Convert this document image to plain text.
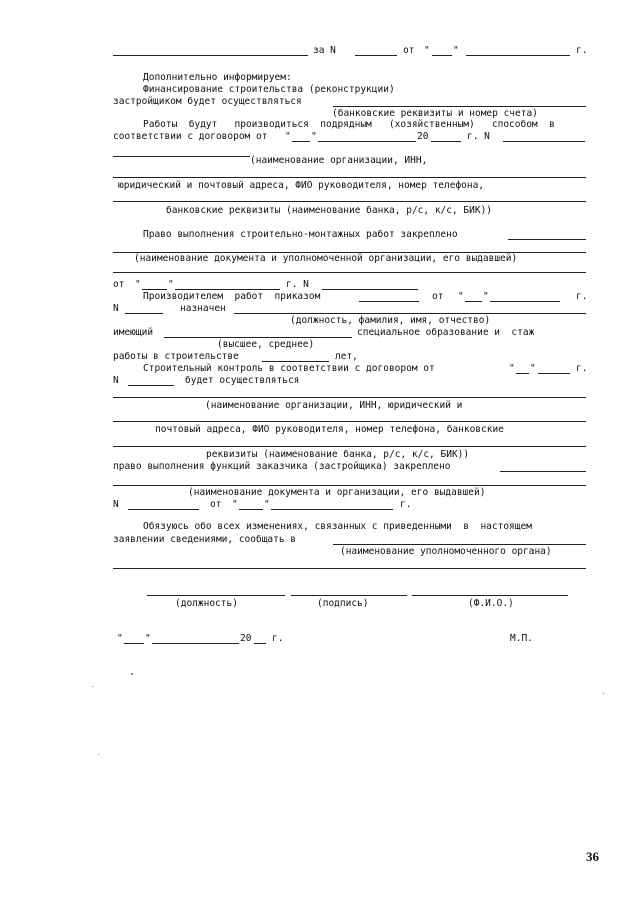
за N	от " "	г.
Дополнительно информируем:
Финансирование строительства (реконструкции)
застройщиком будет осуществляться
(банковские реквизиты и номер счета)
Работы  будут   производиться  подрядным   (хозяйственным)   способом  в
соответствии с договором от " "	20	г. N
(наименование организации, ИНН,
юридический и почтовый адреса, ФИО руководителя, номер телефона,
банковские реквизиты (наименование банка, р/с, к/с, БИК))
Право выполнения строительно-монтажных работ закреплено
(наименование документа и уполномоченной организации, его выдавшей)
от "	"	г. N
Производителем  работ  приказом	от " "	г.
N	назначен
(должность, фамилия, имя, отчество)
имеющий	специальное образование и  стаж
(высшее, среднее)
работы в строительстве	лет,
Строительный контроль в соответствии с договором от	" "	г.
N	будет осуществляться
(наименование организации, ИНН, юридический и
почтовый адреса, ФИО руководителя, номер телефона, банковские
реквизиты (наименование банка, р/с, к/с, БИК))
право выполнения функций заказчика (застройщика) закреплено
(наименование документа и организации, его выдавшей)
N	от "	"	г.
Обязуюсь обо всех изменениях, связанных с приведенными  в  настоящем
заявлении сведениями, сообщать в
(наименование уполномоченного органа)
(должность)	(подпись)	(Ф.И.О.)
" "	20 г.	М.П.
36
